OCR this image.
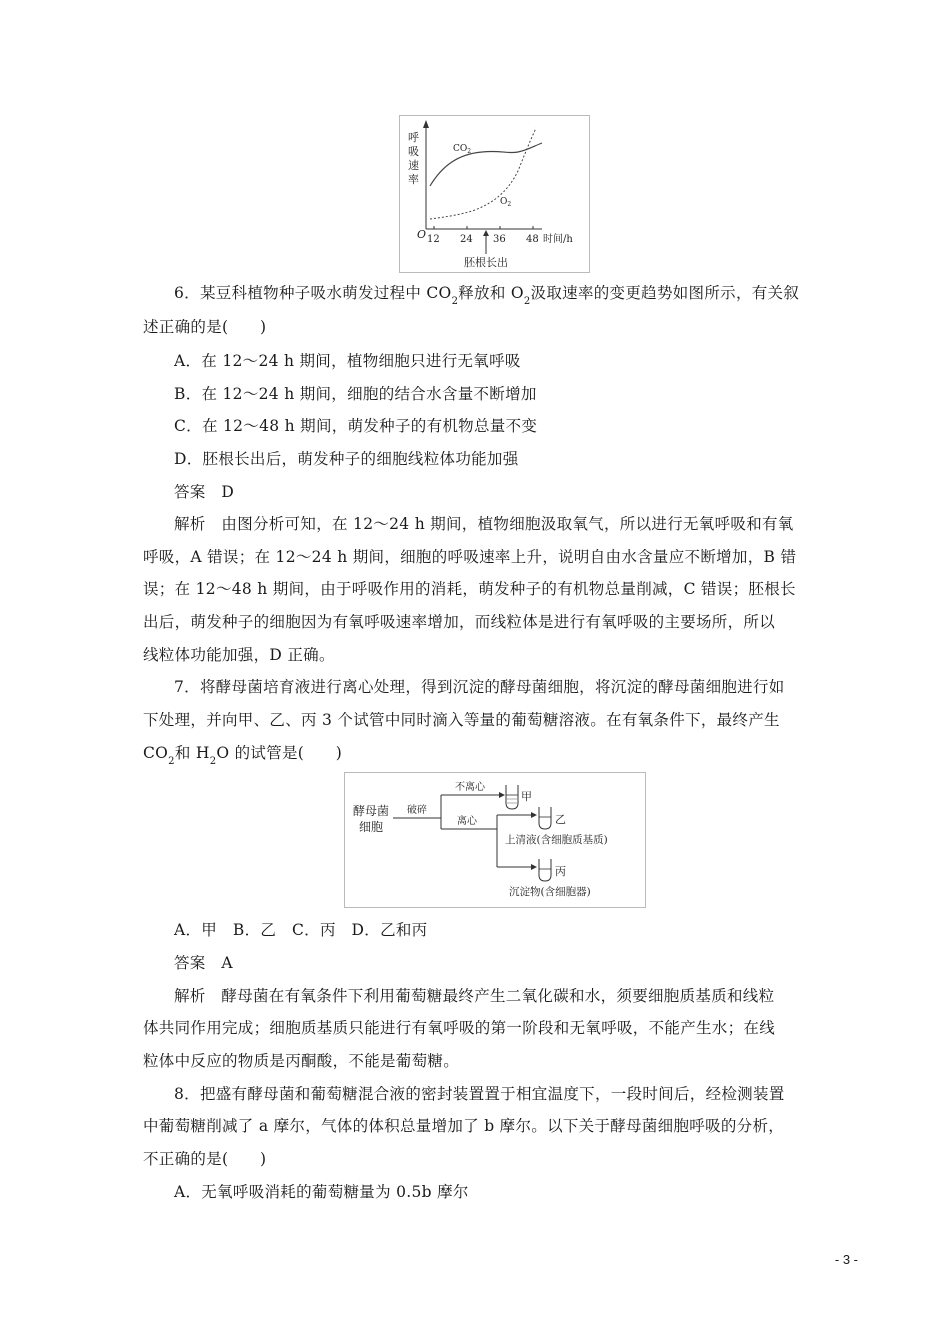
呼
吸
速
率
O
$CO_2$
$O_2$
12 24 36 48 时间/h
胚根长出
6．某豆科植物种子吸水萌发过程中 $CO_2$释放和 $O_2$汲取速率的变更趋势如图所示，有关叙
述正确的是(　　)
A．在 12～24 h 期间，植物细胞只进行无氧呼吸
B．在 12～24 h 期间，细胞的结合水含量不断增加
C．在 12～48 h 期间，萌发种子的有机物总量不变
D．胚根长出后，萌发种子的细胞线粒体功能加强
答案　D
解析　由图分析可知，在 12～24 h 期间，植物细胞汲取氧气，所以进行无氧呼吸和有氧
呼吸，A 错误；在 12～24 h 期间，细胞的呼吸速率上升，说明自由水含量应不断增加，B 错
误；在 12～48 h 期间，由于呼吸作用的消耗，萌发种子的有机物总量削减，C 错误；胚根长
出后，萌发种子的细胞因为有氧呼吸速率增加，而线粒体是进行有氧呼吸的主要场所，所以
线粒体功能加强，D 正确。
7．将酵母菌培育液进行离心处理，得到沉淀的酵母菌细胞，将沉淀的酵母菌细胞进行如
下处理，并向甲、乙、丙 3 个试管中同时滴入等量的葡萄糖溶液。在有氧条件下，最终产生
$CO_2$和 $H_2O$ 的试管是(　　)
酵母菌
细胞
破碎
不离心
甲
离心	乙
上清液(含细胞质基质)
丙
沉淀物(含细胞器)
A．甲　B．乙　C．丙　D．乙和丙
答案　A
解析　酵母菌在有氧条件下利用葡萄糖最终产生二氧化碳和水，须要细胞质基质和线粒
体共同作用完成；细胞质基质只能进行有氧呼吸的第一阶段和无氧呼吸，不能产生水；在线
粒体中反应的物质是丙酮酸，不能是葡萄糖。
8．把盛有酵母菌和葡萄糖混合液的密封装置置于相宜温度下，一段时间后，经检测装置
中葡萄糖削减了 a 摩尔，气体的体积总量增加了 b 摩尔。以下关于酵母菌细胞呼吸的分析，
不正确的是(　　)
A．无氧呼吸消耗的葡萄糖量为 0.5b 摩尔
- 3 -
